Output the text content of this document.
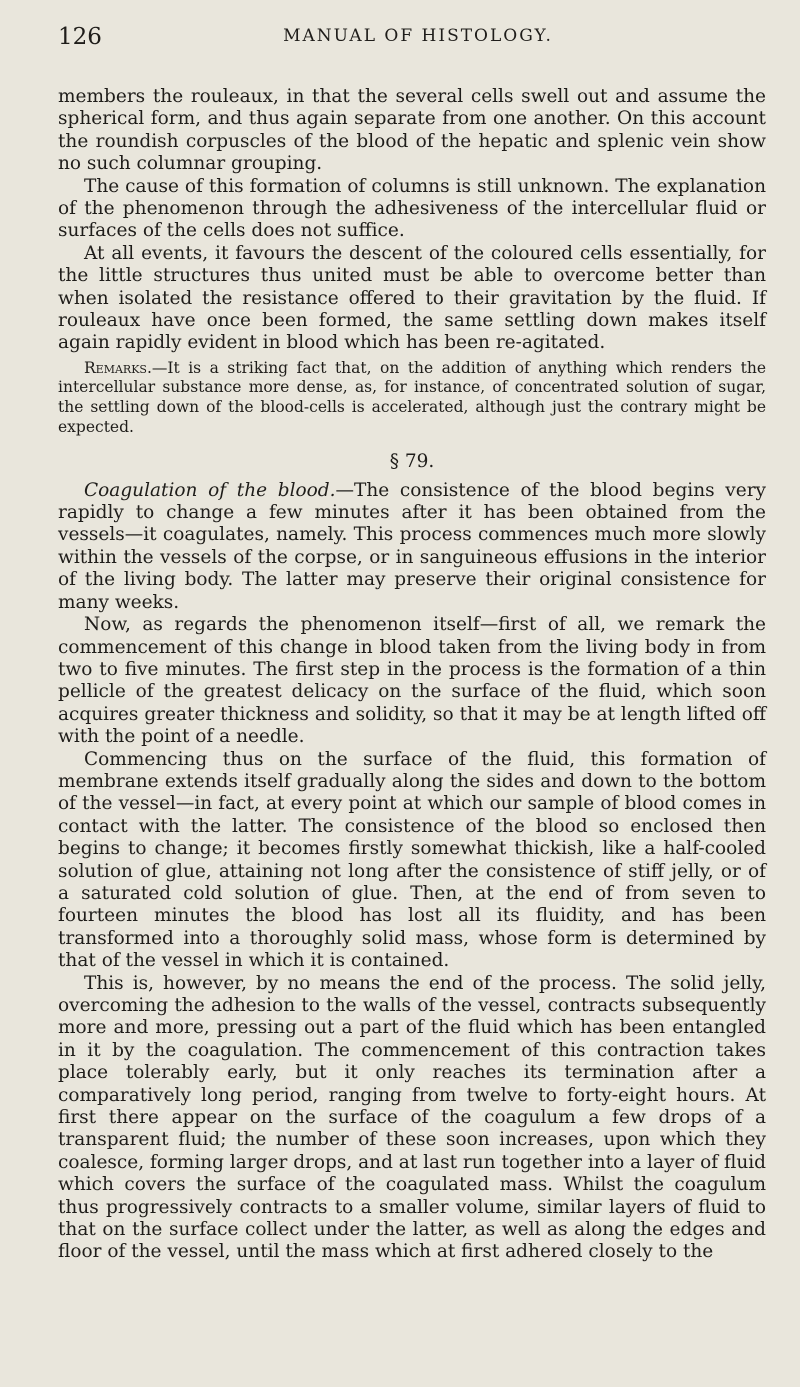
126	MANUAL OF HISTOLOGY.

members the rouleaux, in that the several cells swell out and assume the spherical form, and thus again separate from one another. On this account the roundish corpuscles of the blood of the hepatic and splenic vein show no such columnar grouping.

The cause of this formation of columns is still unknown. The explanation of the phenomenon through the adhesiveness of the intercellular fluid or surfaces of the cells does not suffice.

At all events, it favours the descent of the coloured cells essentially, for the little structures thus united must be able to overcome better than when isolated the resistance offered to their gravitation by the fluid. If rouleaux have once been formed, the same settling down makes itself again rapidly evident in blood which has been re-agitated.

Remarks.—It is a striking fact that, on the addition of anything which renders the intercellular substance more dense, as, for instance, of concentrated solution of sugar, the settling down of the blood-cells is accelerated, although just the contrary might be expected.

§ 79.

Coagulation of the blood.—The consistence of the blood begins very rapidly to change a few minutes after it has been obtained from the vessels—it coagulates, namely. This process commences much more slowly within the vessels of the corpse, or in sanguineous effusions in the interior of the living body. The latter may preserve their original consistence for many weeks.

Now, as regards the phenomenon itself—first of all, we remark the commencement of this change in blood taken from the living body in from two to five minutes. The first step in the process is the formation of a thin pellicle of the greatest delicacy on the surface of the fluid, which soon acquires greater thickness and solidity, so that it may be at length lifted off with the point of a needle.

Commencing thus on the surface of the fluid, this formation of membrane extends itself gradually along the sides and down to the bottom of the vessel—in fact, at every point at which our sample of blood comes in contact with the latter. The consistence of the blood so enclosed then begins to change; it becomes firstly somewhat thickish, like a half-cooled solution of glue, attaining not long after the consistence of stiff jelly, or of a saturated cold solution of glue. Then, at the end of from seven to fourteen minutes the blood has lost all its fluidity, and has been transformed into a thoroughly solid mass, whose form is determined by that of the vessel in which it is contained.

This is, however, by no means the end of the process. The solid jelly, overcoming the adhesion to the walls of the vessel, contracts subsequently more and more, pressing out a part of the fluid which has been entangled in it by the coagulation. The commencement of this contraction takes place tolerably early, but it only reaches its termination after a comparatively long period, ranging from twelve to forty-eight hours. At first there appear on the surface of the coagulum a few drops of a transparent fluid; the number of these soon increases, upon which they coalesce, forming larger drops, and at last run together into a layer of fluid which covers the surface of the coagulated mass. Whilst the coagulum thus progressively contracts to a smaller volume, similar layers of fluid to that on the surface collect under the latter, as well as along the edges and floor of the vessel, until the mass which at first adhered closely to the
